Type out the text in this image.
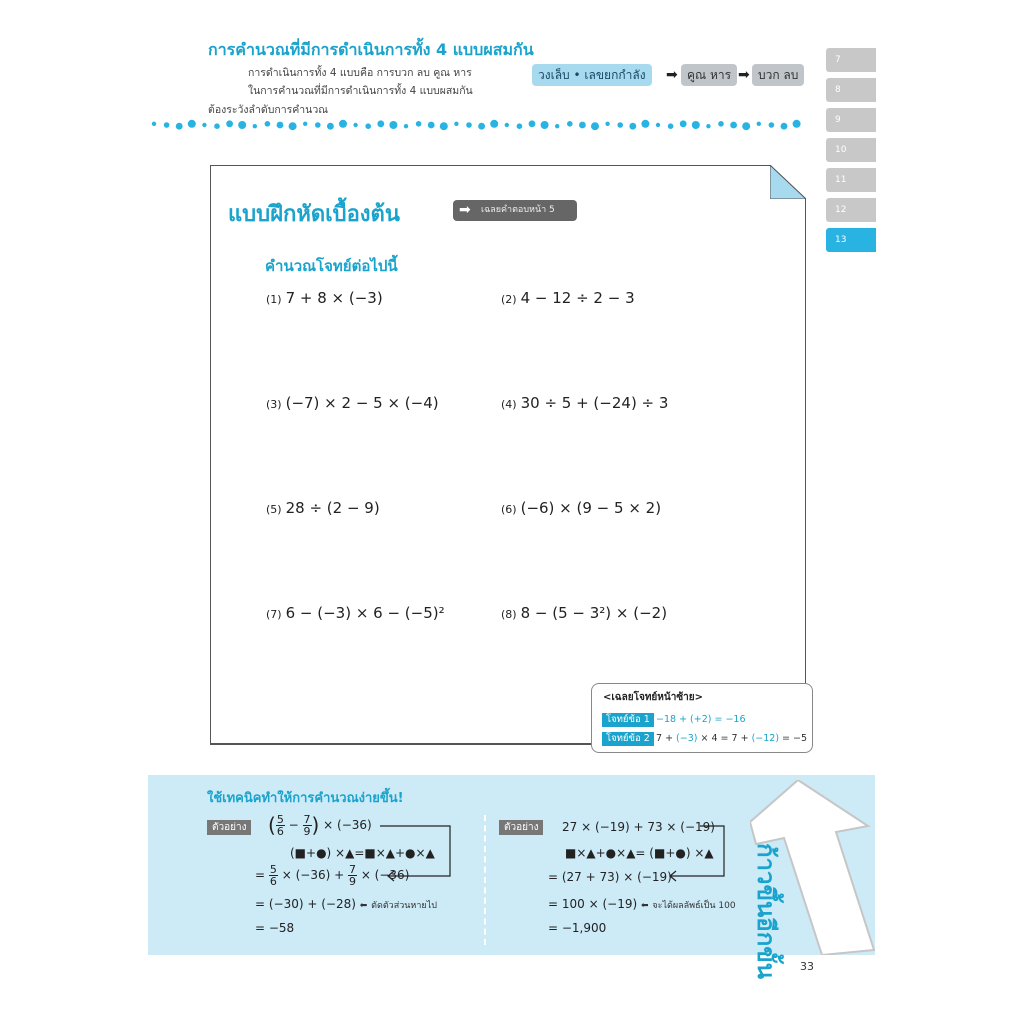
การคำนวณที่มีการดำเนินการทั้ง 4 แบบผสมกัน
การดำเนินการทั้ง 4 แบบคือ การบวก ลบ คูณ หาร
ในการคำนวณที่มีการดำเนินการทั้ง 4 แบบผสมกัน
ต้องระวังลำดับการคำนวณ
วงเล็บ • เลขยกกำลัง	➡ คูณ หาร ➡ บวก ลบ
7
8
9
10
11
12
13
แบบฝึกหัดเบื้องต้น	เฉลยคำตอบหน้า 5
➡
คำนวณโจทย์ต่อไปนี้
(1) 7 + 8 × (−3)	(2) 4 − 12 ÷ 2 − 3
(3) (−7) × 2 − 5 × (−4)	(4) 30 ÷ 5 + (−24) ÷ 3
(5) 28 ÷ (2 − 9)	(6) (−6) × (9 − 5 × 2)
(7) 6 − (−3) × 6 − (−5)²	(8) 8 − (5 − 3²) × (−2)
<เฉลยโจทย์หน้าซ้าย>
โจทย์ข้อ 1 −18 + (+2) = −16
โจทย์ข้อ 2 7 + (−3) × 4 = 7 + (−12) = −5
ใช้เทคนิคทำให้การคำนวณง่ายขึ้น!
ตัวอย่าง ( $\frac{5}{6} - \frac{7}{9}$ ) × (−36)
(■+●) ×▲=■×▲+●×▲
= $\frac{5}{6} \times (-36) + \frac{7}{9} \times (-36)$
= (−30) + (−28) ⬅ ตัดตัวส่วนหายไป
= −58
ตัวอย่าง	27 × (−19) + 73 × (−19)
■×▲+●×▲= (■+●) ×▲
= (27 + 73) × (−19)
= 100 × (−19) ⬅ จะได้ผลลัพธ์เป็น 100
= −1,900	ก้าวขึ้นอีกขั้น	33
